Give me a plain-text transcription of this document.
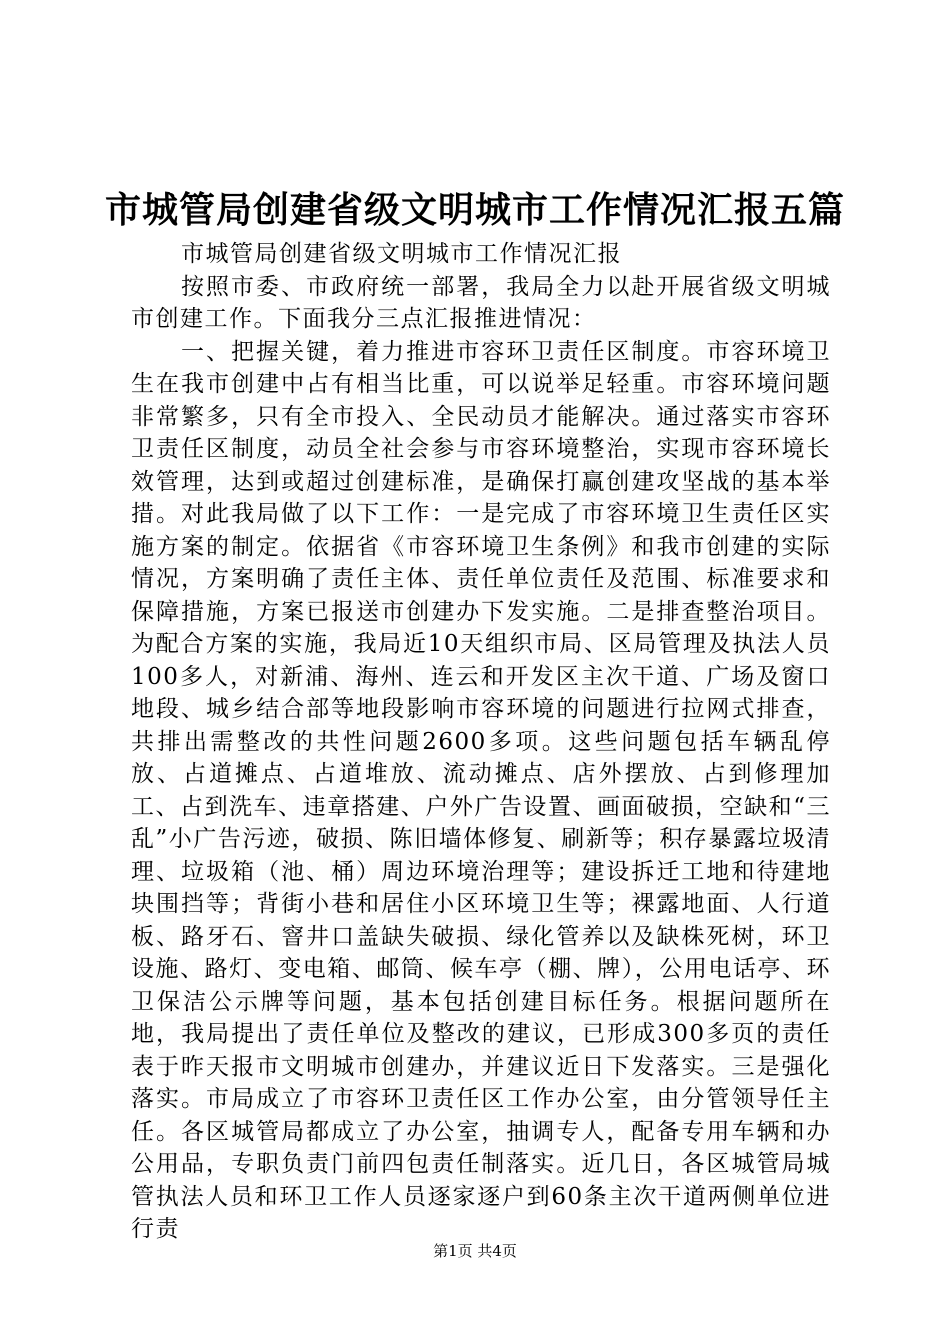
市城管局创建省级文明城市工作情况汇报五篇

市城管局创建省级文明城市工作情况汇报

按照市委、市政府统一部署，我局全力以赴开展省级文明城市创建工作。下面我分三点汇报推进情况：

一、把握关键，着力推进市容环卫责任区制度。市容环境卫生在我市创建中占有相当比重，可以说举足轻重。市容环境问题非常繁多，只有全市投入、全民动员才能解决。通过落实市容环卫责任区制度，动员全社会参与市容环境整治，实现市容环境长效管理，达到或超过创建标准，是确保打赢创建攻坚战的基本举措。对此我局做了以下工作：一是完成了市容环境卫生责任区实施方案的制定。依据省《市容环境卫生条例》和我市创建的实际情况，方案明确了责任主体、责任单位责任及范围、标准要求和保障措施，方案已报送市创建办下发实施。二是排查整治项目。为配合方案的实施，我局近10天组织市局、区局管理及执法人员100多人，对新浦、海州、连云和开发区主次干道、广场及窗口地段、城乡结合部等地段影响市容环境的问题进行拉网式排查，共排出需整改的共性问题2600多项。这些问题包括车辆乱停放、占道摊点、占道堆放、流动摊点、店外摆放、占到修理加工、占到洗车、违章搭建、户外广告设置、画面破损，空缺和“三乱”小广告污迹，破损、陈旧墙体修复、刷新等；积存暴露垃圾清理、垃圾箱（池、桶）周边环境治理等；建设拆迁工地和待建地块围挡等；背街小巷和居住小区环境卫生等；裸露地面、人行道板、路牙石、窨井口盖缺失破损、绿化管养以及缺株死树，环卫设施、路灯、变电箱、邮筒、候车亭（棚、牌），公用电话亭、环卫保洁公示牌等问题，基本包括创建目标任务。根据问题所在地，我局提出了责任单位及整改的建议，已形成300多页的责任表于昨天报市文明城市创建办，并建议近日下发落实。三是强化落实。市局成立了市容环卫责任区工作办公室，由分管领导任主任。各区城管局都成立了办公室，抽调专人，配备专用车辆和办公用品，专职负责门前四包责任制落实。近几日，各区城管局城管执法人员和环卫工作人员逐家逐户到60条主次干道两侧单位进行责

第1页 共4页
